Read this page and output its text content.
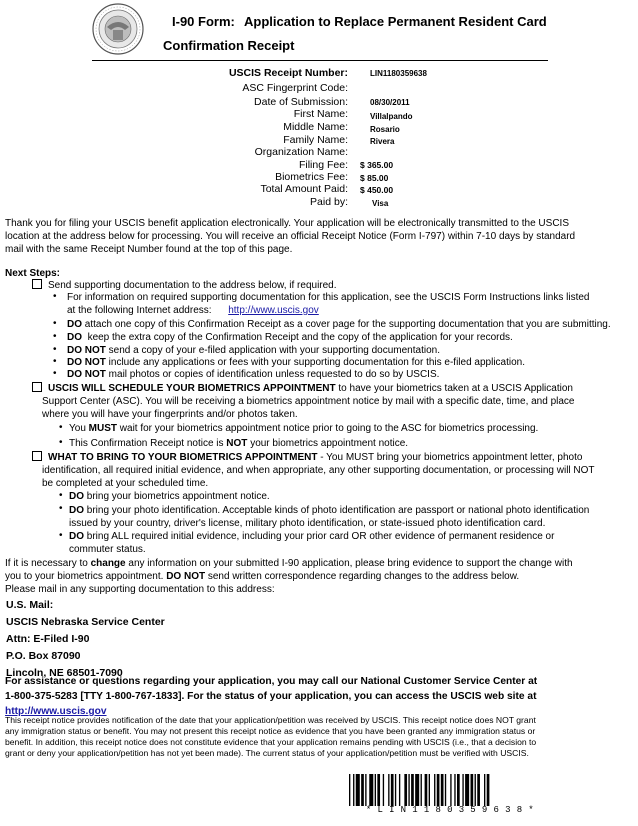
I-90 Form: Application to Replace Permanent Resident Card
Confirmation Receipt
USCIS Receipt Number:	LIN1180359638
ASC Fingerprint Code:
Date of Submission:	08/30/2011
First Name:	Villalpando
Middle Name:	Rosario
Family Name:	Rivera
Organization Name:
Filing Fee: $ 365.00
Biometrics Fee: $ 85.00
Total Amount Paid: $ 450.00
Paid by:	Visa
Thank you for filing your USCIS benefit application electronically. Your application will be electronically transmitted to the USCIS
location at the address below for processing. You will receive an official Receipt Notice (Form I-797) within 7-10 days by standard
mail with the same Receipt Number found at the top of this page.
Next Steps:
Send supporting documentation to the address below, if required.
• For information on required supporting documentation for this application, see the USCIS Form Instructions links listed
at the following Internet address: http://www.uscis.gov
• DO attach one copy of this Confirmation Receipt as a cover page for the supporting documentation that you are submitting.
• DO keep the extra copy of the Confirmation Receipt and the copy of the application for your records.
• DO NOT send a copy of your e-filed application with your supporting documentation.
• DO NOT include any applications or fees with your supporting documentation for this e-filed application.
• DO NOT mail photos or copies of identification unless requested to do so by USCIS.
USCIS WILL SCHEDULE YOUR BIOMETRICS APPOINTMENT to have your biometrics taken at a USCIS Application
Support Center (ASC). You will be receiving a biometrics appointment notice by mail with a specific date, time, and place
where you will have your fingerprints and/or photos taken.
• You MUST wait for your biometrics appointment notice prior to going to the ASC for biometrics processing.
• This Confirmation Receipt notice is NOT your biometrics appointment notice.
WHAT TO BRING TO YOUR BIOMETRICS APPOINTMENT - You MUST bring your biometrics appointment letter, photo
identification, all required initial evidence, and when appropriate, any other supporting documentation, or processing will NOT
be completed at your scheduled time.
• DO bring your biometrics appointment notice.
• DO bring your photo identification. Acceptable kinds of photo identification are passport or national photo identification
issued by your country, driver's license, military photo identification, or state-issued photo identification card.
• DO bring ALL required initial evidence, including your prior card OR other evidence of permanent residence or
commuter status.
If it is necessary to change any information on your submitted I-90 application, please bring evidence to support the change with
you to your biometrics appointment. DO NOT send written correspondence regarding changes to the address below.
Please mail in any supporting documentation to this address:
U.S. Mail:
USCIS Nebraska Service Center
Attn: E-Filed I-90
P.O. Box 87090
Lincoln, NE 68501-7090
For assistance or questions regarding your application, you may call our National Customer Service Center at
1-800-375-5283 [TTY 1-800-767-1833]. For the status of your application, you can access the USCIS web site at
http://www.uscis.gov
This receipt notice provides notification of the date that your application/petition was received by USCIS. This receipt notice does NOT grant
any immigration status or benefit. You may not present this receipt notice as evidence that you have been granted any immigration status or
benefit. In addition, this receipt notice does not constitute evidence that your application remains pending with USCIS (i.e., that a decision to
grant or deny your application/petition has not yet been made). The current status of your application/petition must be verified with USCIS.
* L I N 1 1 8 0 3 5 9 6 3 8 *
